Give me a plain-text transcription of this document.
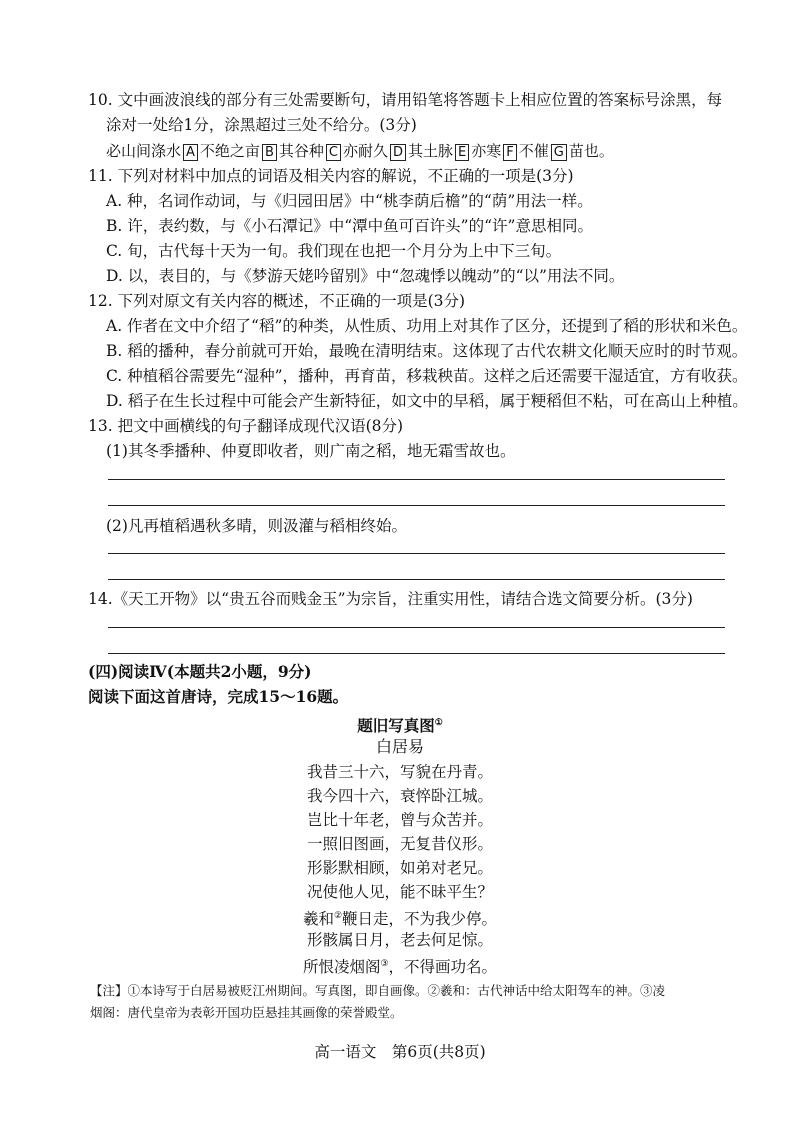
10. 文中画波浪线的部分有三处需要断句，请用铅笔将答题卡上相应位置的答案标号涂黑，每
涂对一处给1分，涂黑超过三处不给分。(3分)
必山间涤水 A 不绝之亩 B 其谷种 C 亦耐久 D 其土脉 E 亦寒 F 不催 G 苗也。
11. 下列对材料中加点的词语及相关内容的解说，不正确的一项是(3分)
A. 种，名词作动词，与《归园田居》中“桃李荫后檐”的“荫”用法一样。
B. 许，表约数，与《小石潭记》中“潭中鱼可百许头”的“许”意思相同。
C. 旬，古代每十天为一旬。我们现在也把一个月分为上中下三旬。
D. 以，表目的，与《梦游天姥吟留别》中“忽魂悸以魄动”的“以”用法不同。
12. 下列对原文有关内容的概述，不正确的一项是(3分)
A. 作者在文中介绍了“稻”的种类，从性质、功用上对其作了区分，还提到了稻的形状和米色。
B. 稻的播种，春分前就可开始，最晚在清明结束。这体现了古代农耕文化顺天应时的时节观。
C. 种植稻谷需要先“湿种”，播种，再育苗，移栽秧苗。这样之后还需要干湿适宜，方有收获。
D. 稻子在生长过程中可能会产生新特征，如文中的早稻，属于粳稻但不粘，可在高山上种植。
13. 把文中画横线的句子翻译成现代汉语(8分)
(1)其冬季播种、仲夏即收者，则广南之稻，地无霜雪故也。
(2)凡再植稻遇秋多晴，则汲灌与稻相终始。
14.《天工开物》以“贵五谷而贱金玉”为宗旨，注重实用性，请结合选文简要分析。(3分)
(四)阅读Ⅳ(本题共2小题，9分)
阅读下面这首唐诗，完成15～16题。
题旧写真图①
白居易
我昔三十六，写貌在丹青。
我今四十六，衰悴卧江城。
岂比十年老，曾与众苦并。
一照旧图画，无复昔仪形。
形影默相顾，如弟对老兄。
况使他人见，能不昧平生？
羲和②鞭日走，不为我少停。
形骸属日月，老去何足惊。
所恨凌烟阁③，不得画功名。
【注】①本诗写于白居易被贬江州期间。写真图，即自画像。②羲和：古代神话中给太阳驾车的神。③凌
烟阁：唐代皇帝为表彰开国功臣悬挂其画像的荣誉殿堂。
高一语文　第6页(共8页)
